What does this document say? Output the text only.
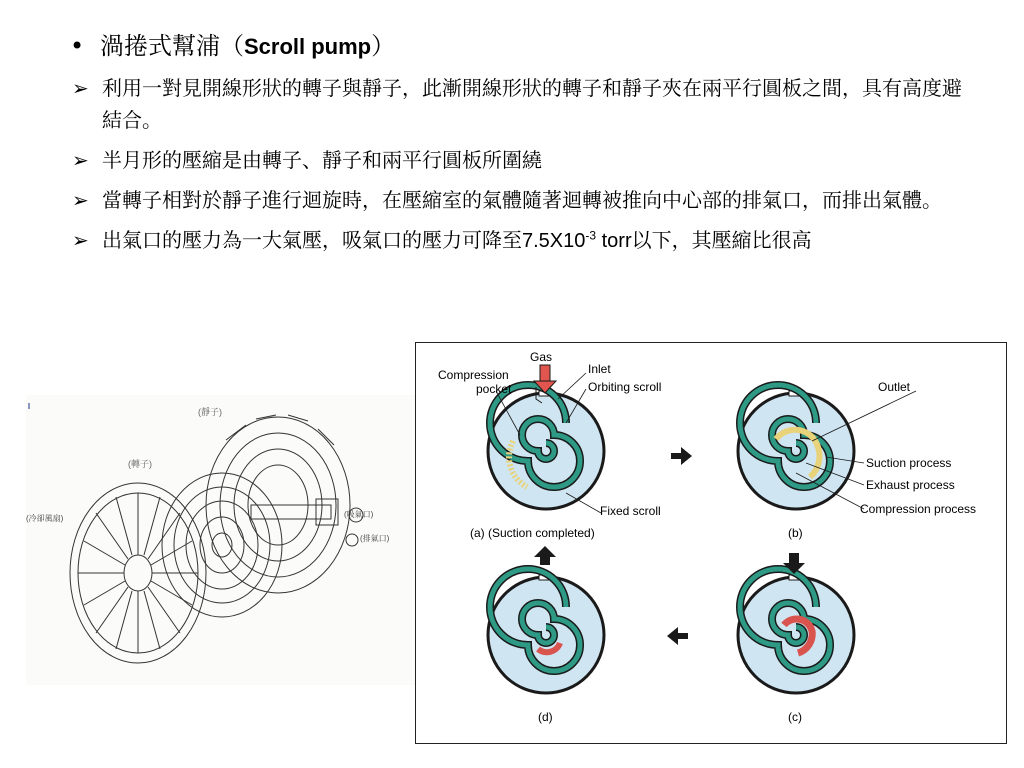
• 渦捲式幫浦（Scroll pump）
➢ 利用一對見開線形狀的轉子與靜子，此漸開線形狀的轉子和靜子夾在兩平行圓板之間，具有高度避結合。
➢ 半月形的壓縮是由轉子、靜子和兩平行圓板所圍繞
➢ 當轉子相對於靜子進行迴旋時，在壓縮室的氣體隨著迴轉被推向中心部的排氣口，而排出氣體。
➢ 出氣口的壓力為一大氣壓，吸氣口的壓力可降至$7.5X10^{-3}$ torr以下，其壓縮比很高
(靜子)
(轉子)
(冷卻風扇)	(吸氣口)
(排氣口)
Gas
Inlet
Compression
pocket	Orbiting scroll
Fixed scroll
Outlet
Suction process
Exhaust process
Compression process
(a) (Suction completed)	(b)
(c)
(d)
